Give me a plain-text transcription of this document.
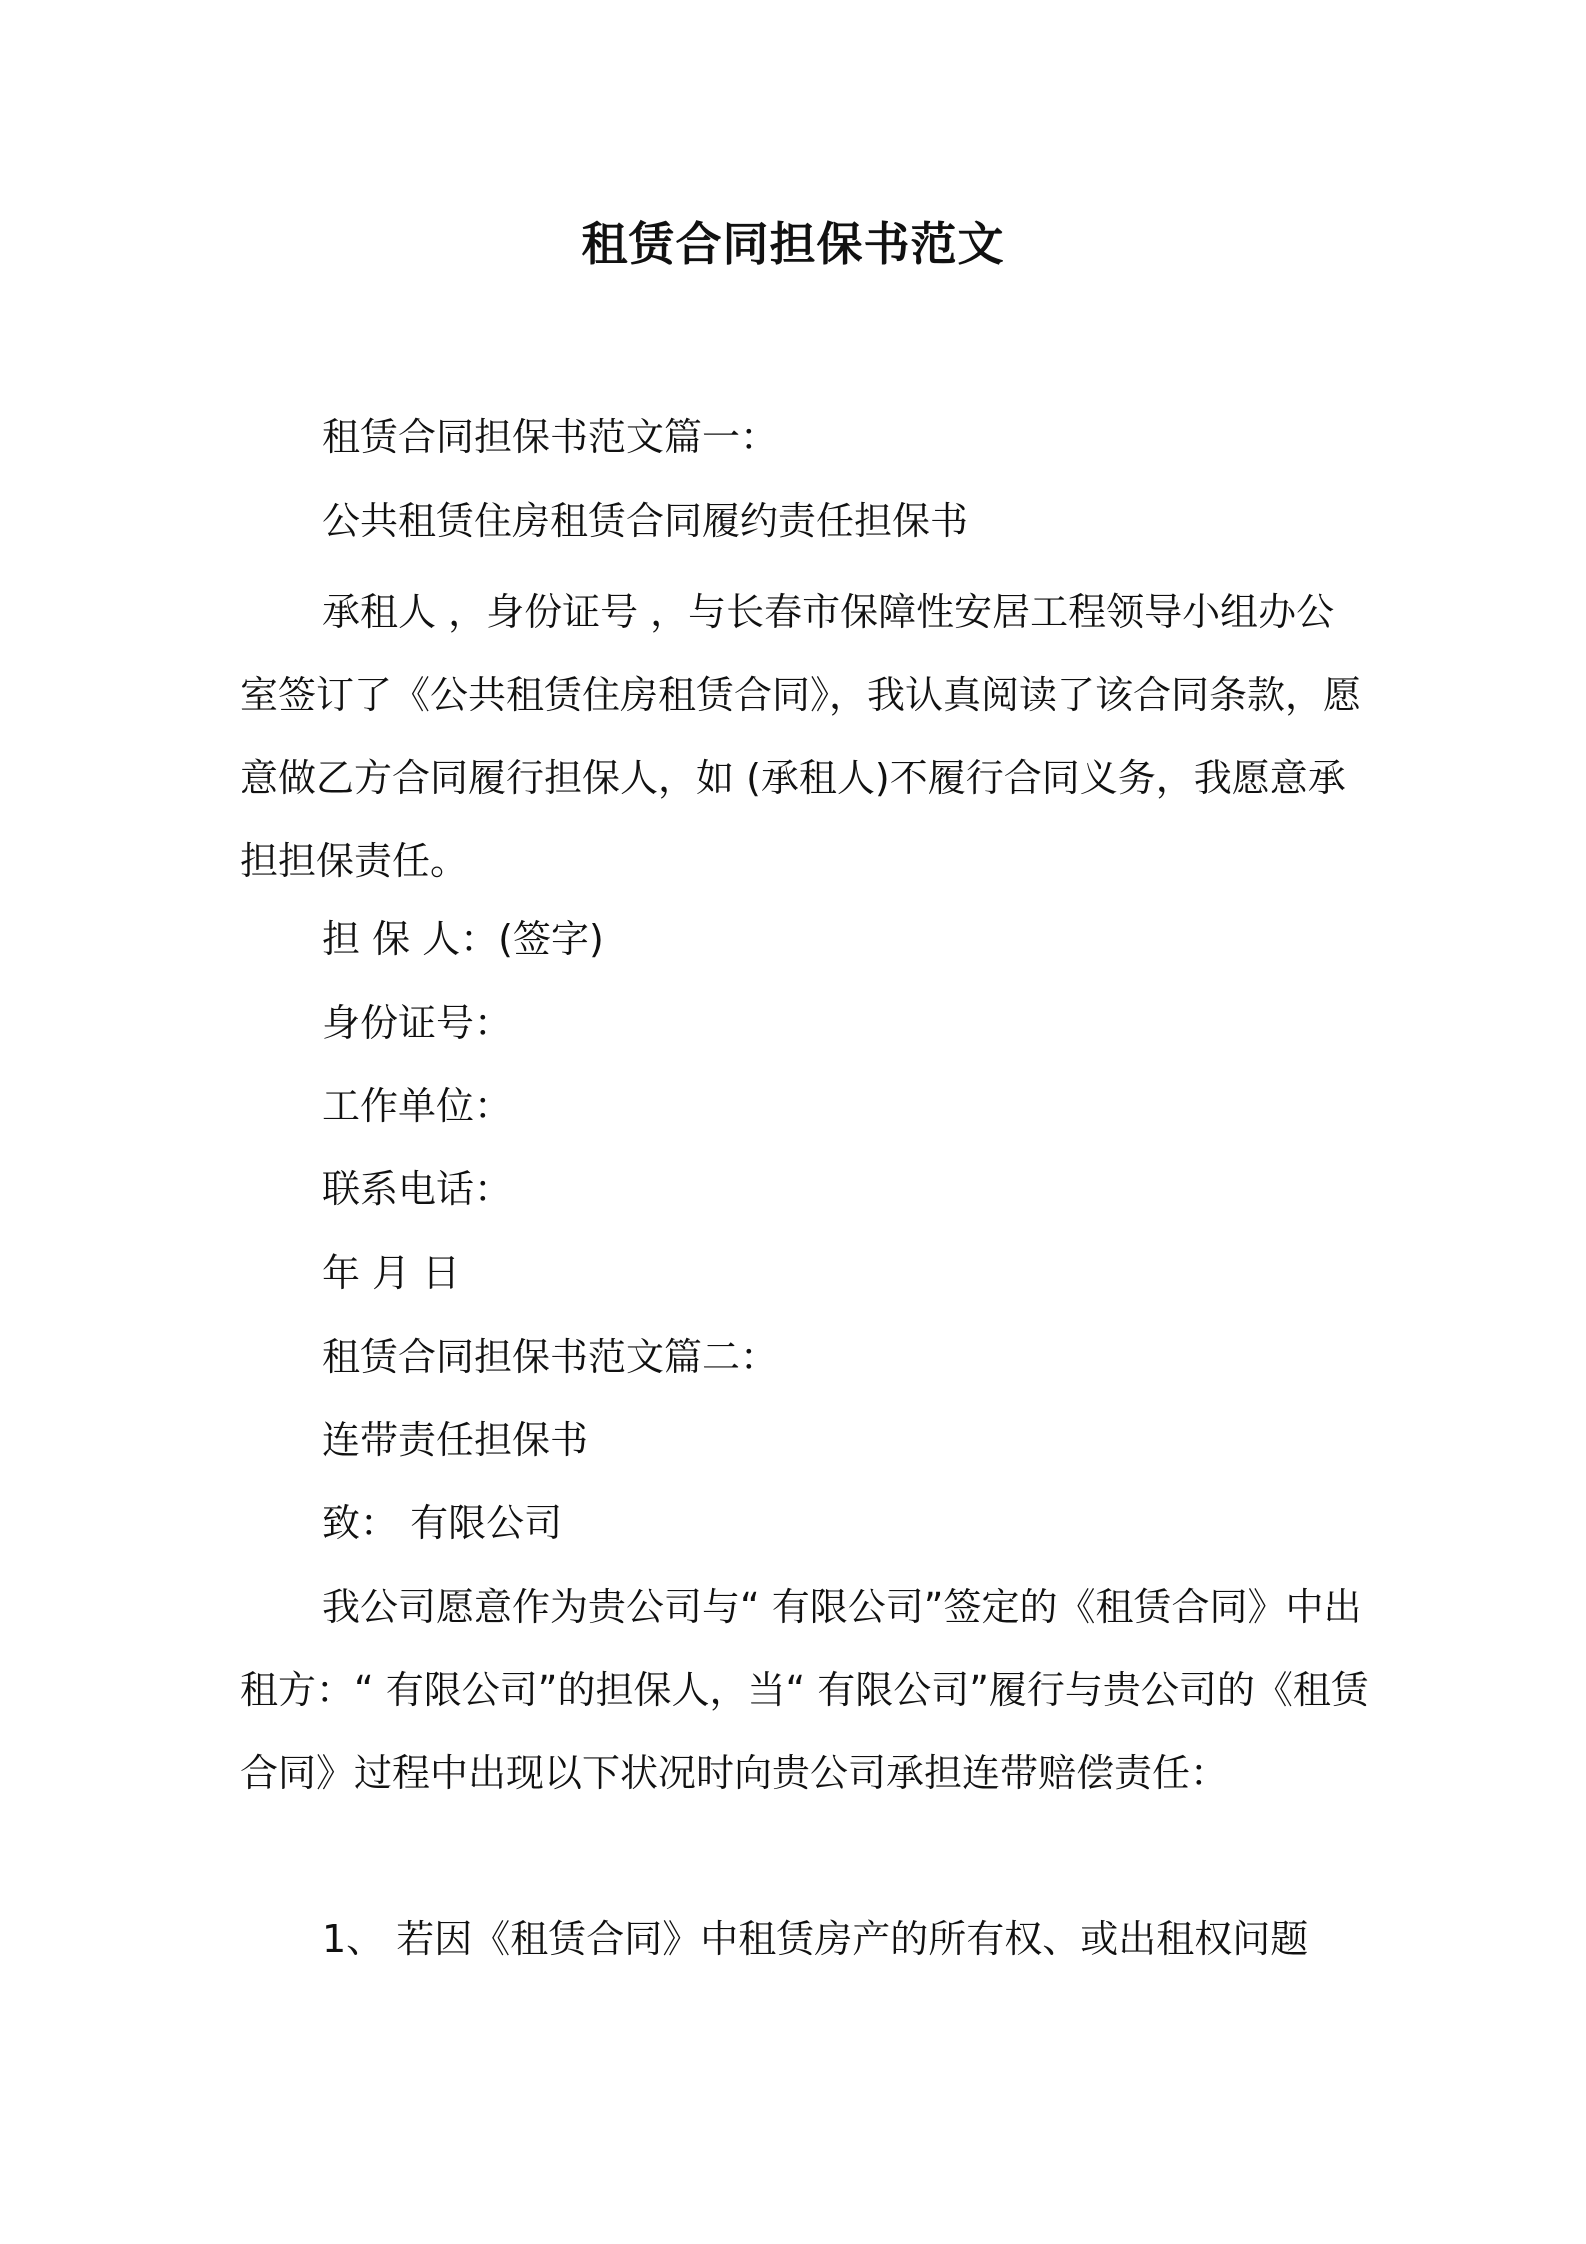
租赁合同担保书范文

租赁合同担保书范文篇一：

公共租赁住房租赁合同履约责任担保书

承租人 ，身份证号 ，与长春市保障性安居工程领导小组办公室签订了《公共租赁住房租赁合同》，我认真阅读了该合同条款，愿意做乙方合同履行担保人，如 (承租人)不履行合同义务，我愿意承担担保责任。

担 保 人：(签字)

身份证号：

工作单位：

联系电话：

年 月 日

租赁合同担保书范文篇二：

连带责任担保书

致： 有限公司

我公司愿意作为贵公司与“ 有限公司”签定的《租赁合同》中出租方：“ 有限公司”的担保人，当“ 有限公司”履行与贵公司的《租赁合同》过程中出现以下状况时向贵公司承担连带赔偿责任：

1、 若因《租赁合同》中租赁房产的所有权、或出租权问题
